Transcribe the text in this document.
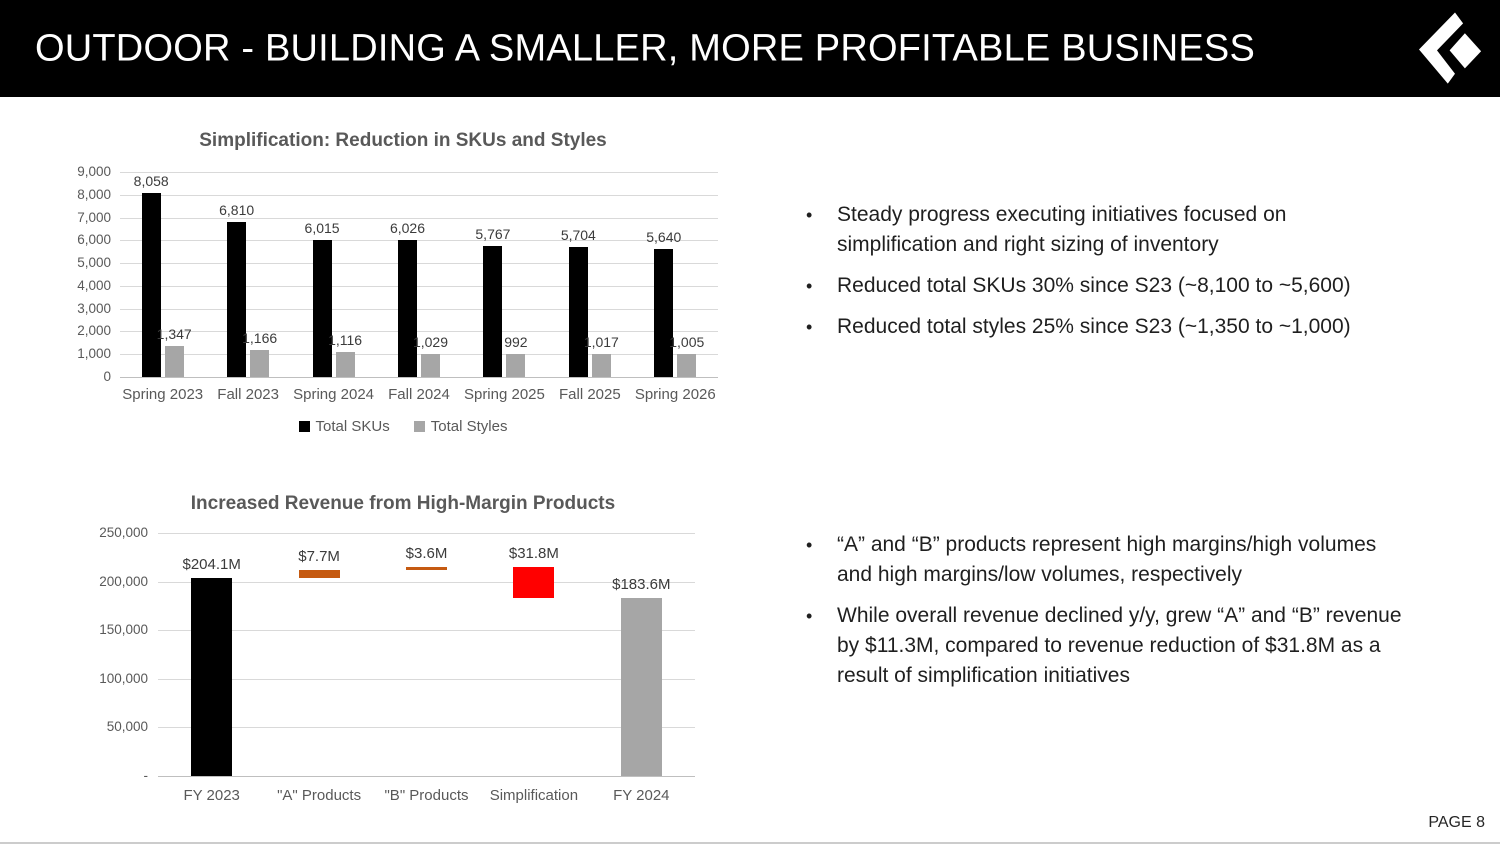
OUTDOOR - BUILDING A SMALLER, MORE PROFITABLE BUSINESS
Simplification: Reduction in SKUs and Styles
0
1,000
2,000
3,000
4,000
5,000
6,000
7,000
8,000
9,000
Spring 2023
8,058
1,347
Fall 2023
6,810
1,166
Spring 2024
6,015
1,116
Fall 2024
6,026
1,029
Spring 2025
5,767
992
Fall 2025
5,704
1,017
Spring 2026
5,640
1,005
Total SKUs	Total Styles
Increased Revenue from High-Margin Products
-
50,000
100,000
150,000
200,000
250,000
FY 2023
$204.1M
"A" Products
$7.7M
"B" Products
$3.6M
Simplification
$31.8M
FY 2024
$183.6M
• Steady progress executing initiatives focused on simplification and right sizing of inventory
• Reduced total SKUs 30% since S23 (~8,100 to ~5,600)
• Reduced total styles 25% since S23 (~1,350 to ~1,000)
• “A” and “B” products represent high margins/high volumes and high margins/low volumes, respectively
• While overall revenue declined y/y, grew “A” and “B” revenue by $11.3M, compared to revenue reduction of $31.8M as a result of simplification initiatives
PAGE 8
